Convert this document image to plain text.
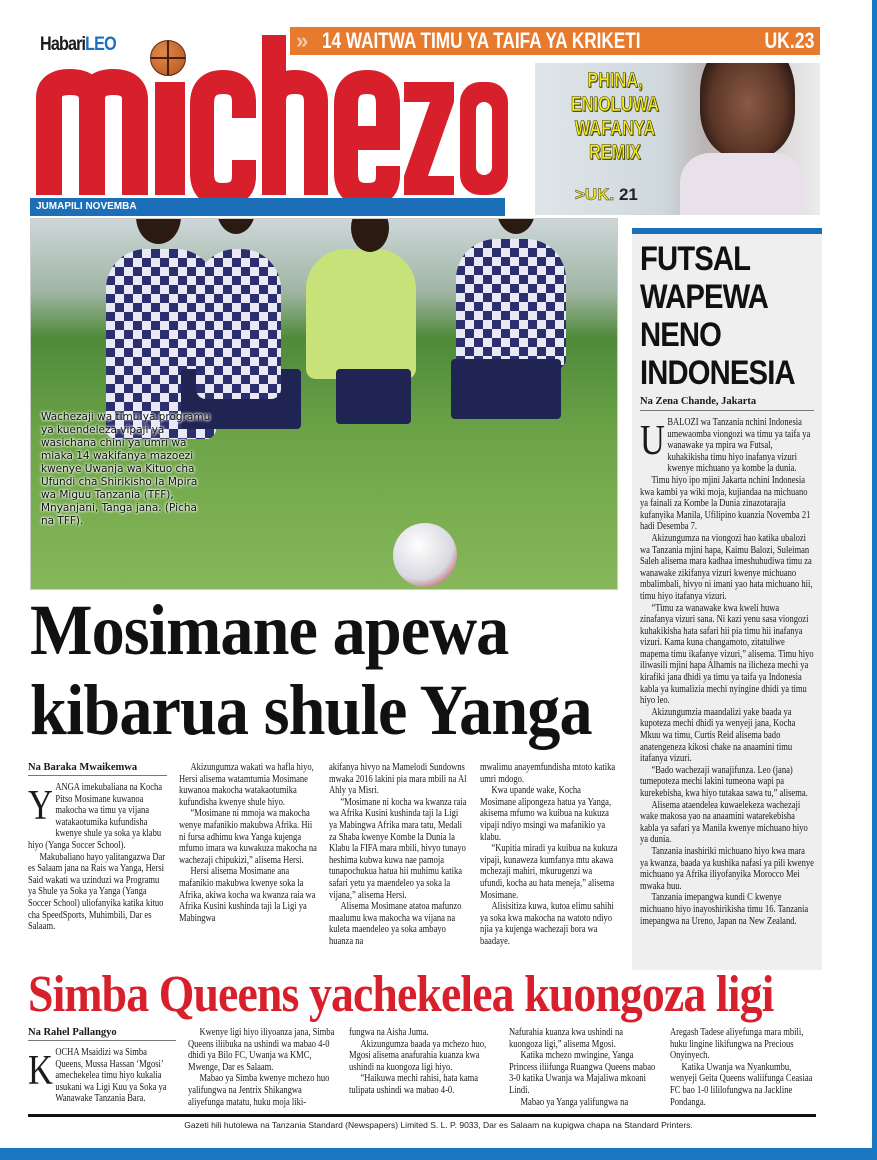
HabariLEO	» 14 WAITWA TIMU YA TAIFA YA KRIKETI	UK.23
PHINA,
ENIOLUWA
WAFANYA
REMIX
>UK. 21
JUMAPILI NOVEMBA
Wachezaji wa timu ya programu ya kuendeleza vipaji ya wasichana chini ya umri wa miaka 14 wakifanya mazoezi kwenye Uwanja wa Kituo cha Ufundi cha Shirikisho la Mpira wa Miguu Tanzania (TFF), Mnyanjani, Tanga jana. (Picha na TFF).
FUTSAL
WAPEWA
NENO
INDONESIA
Na Zena Chande, Jakarta

UBALOZI wa Tanzania nchini Indonesia umewaomba viongozi wa timu ya taifa ya wanawake ya mpira wa Futsal, kuhakikisha timu hiyo inafanya vizuri kwenye michuano ya kombe la dunia.

Timu hiyo ipo mjini Jakarta nchini Indonesia kwa kambi ya wiki moja, kujiandaa na michuano ya fainali za Kombe la Dunia zinazotarajia kufanyika Manila, Ufilipino kuanzia Novemba 21 hadi Desemba 7.

Akizungumza na viongozi hao katika ubalozi wa Tanzania mjini hapa, Kaimu Balozi, Suleiman Saleh alisema mara kadhaa imeshuhudiwa timu za wanawake zikifanya vizuri kwenye michuano mbalimbali, hivyo ni imani yao hata michuano hii, timu hiyo itafanya vizuri.

“Timu za wanawake kwa kweli huwa zinafanya vizuri sana. Ni kazi yenu sasa viongozi kuhakikisha hata safari hii pia timu hii inafanya vizuri. Kama kuna changamoto, zitatuliwe mapema timu ikafanye vizuri,” alisema. Timu hiyo iliwasili mjini hapa Alhamis na ilicheza mechi ya kirafiki jana dhidi ya timu ya taifa ya Indonesia kabla ya kumalizia mechi nyingine dhidi ya timu hiyo leo.

Akizungumzia maandalizi yake baada ya kupoteza mechi dhidi ya wenyeji jana, Kocha Mkuu wa timu, Curtis Reid alisema bado anatengeneza kikosi chake na anaamini timu itafanya vizuri.

“Bado wachezaji wanajifunza. Leo (jana) tumepoteza mechi lakini tumeona wapi pa kurekebisha, kwa hiyo tutakaa sawa tu,” alisema.

Alisema ataendelea kuwaelekeza wachezaji wake makosa yao na anaamini watarekebisha kabla ya safari ya Manila kwenye michuano hiyo ya dunia.

Tanzania inashiriki michuano hiyo kwa mara ya kwanza, baada ya kushika nafasi ya pili kwenye michuano ya Afrika iliyofanyika Morocco Mei mwaka huu.

Tanzania imepangwa kundi C kwenye michuano hiyo inayoshirikisha timu 16. Tanzania imepangwa na Ureno, Japan na New Zealand.

Mosimane apewa kibarua shule Yanga
Na Baraka Mwaikemwa

YANGA imekubaliana na Kocha Pitso Mosimane kuwanoa makocha wa timu ya vijana watakaotumika kufundisha kwenye shule ya soka ya klabu hiyo (Yanga Soccer School).

Makubaliano hayo yalitangazwa Dar es Salaam jana na Rais wa Yanga, Hersi Said wakati wa uzinduzi wa Programu ya Shule ya Soka ya Yanga (Yanga Soccer School) uliofanyika katika kituo cha SpeedSports, Muhimbili, Dar es Salaam.

Akizungumza wakati wa hafla hiyo, Hersi alisema watamtumia Mosimane kuwanoa makocha watakaotumika kufundisha kwenye shule hiyo.

“Mosimane ni mmoja wa makocha wenye mafanikio makubwa Afrika. Hii ni fursa adhimu kwa Yanga kujenga mfumo imara wa kuwakuza makocha na wachezaji chipukizi,” alisema Hersi.

Hersi alisema Mosimane ana mafanikio makubwa kwenye soka la Afrika, akiwa kocha wa kwanza raia wa Afrika Kusini kushinda taji la Ligi ya Mabingwa

akifanya hivyo na Mamelodi Sundowns mwaka 2016 lakini pia mara mbili na Al Ahly ya Misri.

“Mosimane ni kocha wa kwanza raia wa Afrika Kusini kushinda taji la Ligi ya Mabingwa Afrika mara tatu, Medali za Shaba kwenye Kombe la Dunia la Klabu la FIFA mara mbili, hivyo tunayo heshima kubwa kuwa nae pamoja tunapochukua hatua hii muhimu katika safari yetu ya maendeleo ya soka la vijana,” alisema Hersi.

Alisema Mosimane atatoa mafunzo maalumu kwa makocha wa vijana na kuleta maendeleo ya soka ambayo huanza na

mwalimu anayemfundisha mtoto katika umri mdogo.

Kwa upande wake, Kocha Mosimane alipongeza hatua ya Yanga, akisema mfumo wa kuibua na kukuza vipaji ndiyo msingi wa mafanikio ya klabu.

“Kupitia miradi ya kuibua na kukuza vipaji, kunaweza kumfanya mtu akawa mchezaji mahiri, mkurugenzi wa ufundi, kocha au hata meneja,” alisema Mosimane.

Alisisitiza kuwa, kutoa elimu sahihi ya soka kwa makocha na watoto ndiyo njia ya kujenga wachezaji bora wa baadaye.

Simba Queens yachekelea kuongoza ligi
Na Rahel Pallangyo

KOCHA Msaidizi wa Simba Queens, Mussa Hassan ‘Mgosi’ amechekelea timu hiyo kukalia usukani wa Ligi Kuu ya Soka ya Wanawake Tanzania Bara.

Kwenye ligi hiyo iliyoanza jana, Simba Queens iliibuka na ushindi wa mabao 4-0 dhidi ya Bilo FC, Uwanja wa KMC, Mwenge, Dar es Salaam.

Mabao ya Simba kwenye mchezo huo yalifungwa na Jentrix Shikangwa aliyefunga matatu, huku moja liki-

fungwa na Aisha Juma.

Akizungumza baada ya mchezo huo, Mgosi alisema anafurahia kuanza kwa ushindi na kuongoza ligi hiyo.

“Haikuwa mechi rahisi, hata kama tulipata ushindi wa mabao 4-0.

Nafurahia kuanza kwa ushindi na kuongoza ligi,” alisema Mgosi.

Katika mchezo mwingine, Yanga Princess iliifunga Ruangwa Queens mabao 3-0 katika Uwanja wa Majaliwa mkoani Lindi.

Mabao ya Yanga yalifungwa na

Aregash Tadese aliyefunga mara mbili, huku lingine likifungwa na Precious Onyinyech.

Katika Uwanja wa Nyankumbu, wenyeji Geita Queens waliifunga Ceasiaa FC bao 1-0 lililofungwa na Jackline Pondanga.

Gazeti hili hutolewa na Tanzania Standard (Newspapers) Limited S. L. P. 9033, Dar es Salaam na kupigwa chapa na Standard Printers.
